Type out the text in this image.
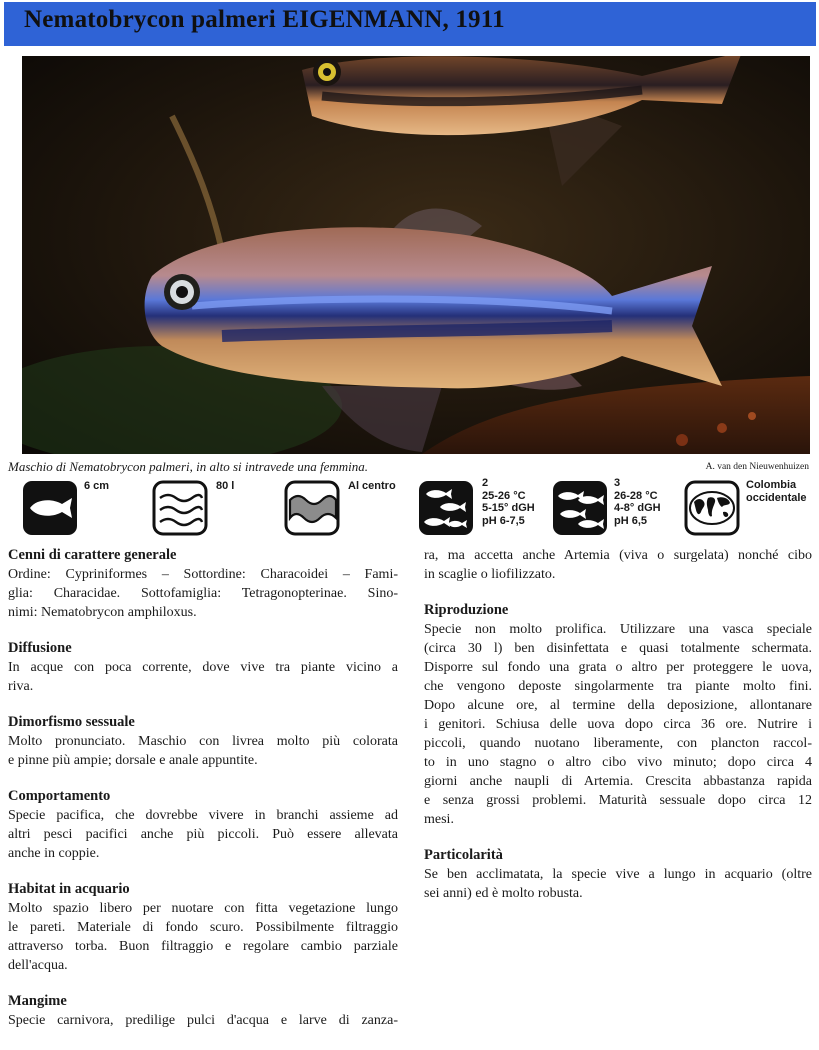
Nematobrycon palmeri EIGENMANN, 1911
Maschio di Nematobrycon palmeri, in alto si intravede una femmina.	A. van den Nieuwenhuizen
6 cm	80 l	Al centro	2
25-26 °C
5-15° dGH
pH 6-7,5
3
26-28 °C
4-8° dGH
pH 6,5
Colombia
occidentale
Cenni di carattere generale

Ordine: Cypriniformes – Sottordine: Characoidei – Fami-
glia: Characidae. Sottofamiglia: Tetragonopterinae. Sino-
nimi: Nematobrycon amphiloxus.

Diffusione

In acque con poca corrente, dove vive tra piante vicino a
riva.

Dimorfismo sessuale

Molto pronunciato. Maschio con livrea molto più colorata
e pinne più ampie; dorsale e anale appuntite.

Comportamento

Specie pacifica, che dovrebbe vivere in branchi assieme ad
altri pesci pacifici anche più piccoli. Può essere allevata
anche in coppie.

Habitat in acquario

Molto spazio libero per nuotare con fitta vegetazione lungo
le pareti. Materiale di fondo scuro. Possibilmente filtraggio
attraverso torba. Buon filtraggio e regolare cambio parziale
dell'acqua.

Mangime

Specie carnivora, predilige pulci d'acqua e larve di zanza-

ra, ma accetta anche Artemia (viva o surgelata) nonché cibo
in scaglie o liofilizzato.

Riproduzione

Specie non molto prolifica. Utilizzare una vasca speciale
(circa 30 l) ben disinfettata e quasi totalmente schermata.
Disporre sul fondo una grata o altro per proteggere le uova,
che vengono deposte singolarmente tra piante molto fini.
Dopo alcune ore, al termine della deposizione, allontanare
i genitori. Schiusa delle uova dopo circa 36 ore. Nutrire i
piccoli, quando nuotano liberamente, con plancton raccol-
to in uno stagno o altro cibo vivo minuto; dopo circa 4
giorni anche naupli di Artemia. Crescita abbastanza rapida
e senza grossi problemi. Maturità sessuale dopo circa 12
mesi.

Particolarità

Se ben acclimatata, la specie vive a lungo in acquario (oltre
sei anni) ed è molto robusta.
